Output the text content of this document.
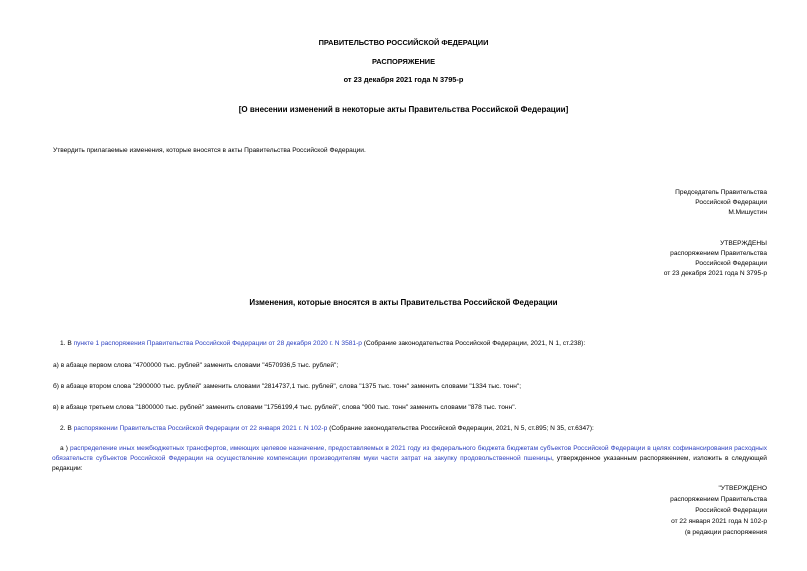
ПРАВИТЕЛЬСТВО РОССИЙСКОЙ ФЕДЕРАЦИИ
РАСПОРЯЖЕНИЕ
от 23 декабря 2021 года N 3795-р
[О внесении изменений в некоторые акты Правительства Российской Федерации]
Утвердить прилагаемые изменения, которые вносятся в акты Правительства Российской Федерации.
Председатель Правительства
Российской Федерации
М.Мишустин
УТВЕРЖДЕНЫ
распоряжением Правительства
Российской Федерации
от 23 декабря 2021 года N 3795-р
Изменения, которые вносятся в акты Правительства Российской Федерации
1. В пункте 1 распоряжения Правительства Российской Федерации от 28 декабря 2020 г. N 3581-р (Собрание законодательства Российской Федерации, 2021, N 1, ст.238):
а) в абзаце первом слова "4700000 тыс. рублей" заменить словами "4570936,5 тыс. рублей";
б) в абзаце втором слова "2900000 тыс. рублей" заменить словами "2814737,1 тыс. рублей", слова "1375 тыс. тонн" заменить словами "1334 тыс. тонн";
в) в абзаце третьем слова "1800000 тыс. рублей" заменить словами "1756199,4 тыс. рублей", слова "900 тыс. тонн" заменить словами "878 тыс. тонн".
2. В распоряжении Правительства Российской Федерации от 22 января 2021 г. N 102-р (Собрание законодательства Российской Федерации, 2021, N 5, ст.895; N 35, ст.6347):
а ) распределение иных межбюджетных трансфертов, имеющих целевое назначение, предоставляемых в 2021 году из федерального бюджета бюджетам субъектов Российской Федерации в целях софинансирования расходных обязательств субъектов Российской Федерации на осуществление компенсации производителям муки части затрат на закупку продовольственной пшеницы, утвержденное указанным распоряжением, изложить в следующей редакции:
"УТВЕРЖДЕНО
распоряжением Правительства
Российской Федерации
от 22 января 2021 года N 102-р
(в редакции распоряжения
